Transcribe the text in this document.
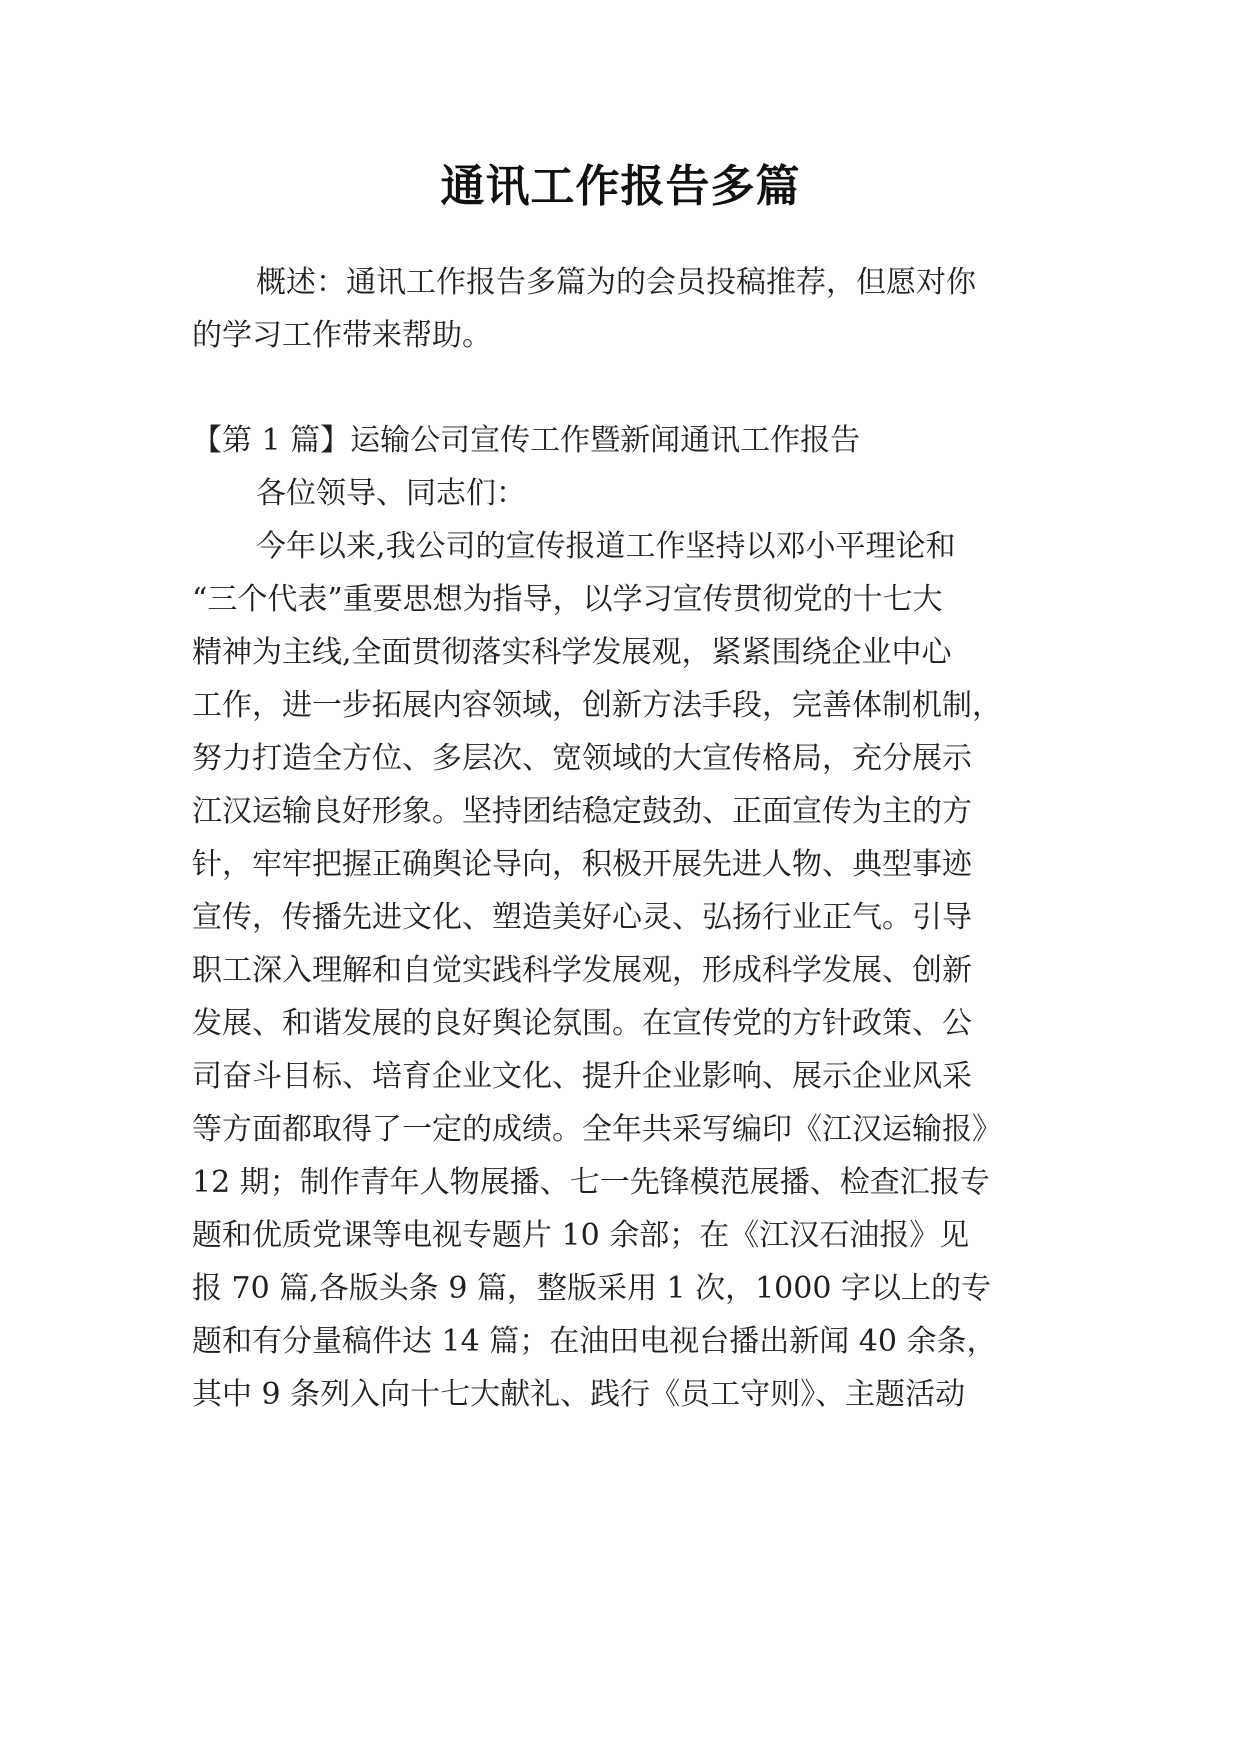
通讯工作报告多篇
概述：通讯工作报告多篇为的会员投稿推荐，但愿对你
的学习工作带来帮助。
【第 1 篇】运输公司宣传工作暨新闻通讯工作报告
各位领导、同志们：
今年以来,我公司的宣传报道工作坚持以邓小平理论和
“三个代表”重要思想为指导，以学习宣传贯彻党的十七大
精神为主线,全面贯彻落实科学发展观，紧紧围绕企业中心
工作，进一步拓展内容领域，创新方法手段，完善体制机制，
努力打造全方位、多层次、宽领域的大宣传格局，充分展示
江汉运输良好形象。坚持团结稳定鼓劲、正面宣传为主的方
针，牢牢把握正确舆论导向，积极开展先进人物、典型事迹
宣传，传播先进文化、塑造美好心灵、弘扬行业正气。引导
职工深入理解和自觉实践科学发展观，形成科学发展、创新
发展、和谐发展的良好舆论氛围。在宣传党的方针政策、公
司奋斗目标、培育企业文化、提升企业影响、展示企业风采
等方面都取得了一定的成绩。全年共采写编印《江汉运输报》
12 期；制作青年人物展播、七一先锋模范展播、检查汇报专
题和优质党课等电视专题片 10 余部；在《江汉石油报》见
报 70 篇,各版头条 9 篇，整版采用 1 次，1000 字以上的专
题和有分量稿件达 14 篇；在油田电视台播出新闻 40 余条，
其中 9 条列入向十七大献礼、践行《员工守则》、主题活动
